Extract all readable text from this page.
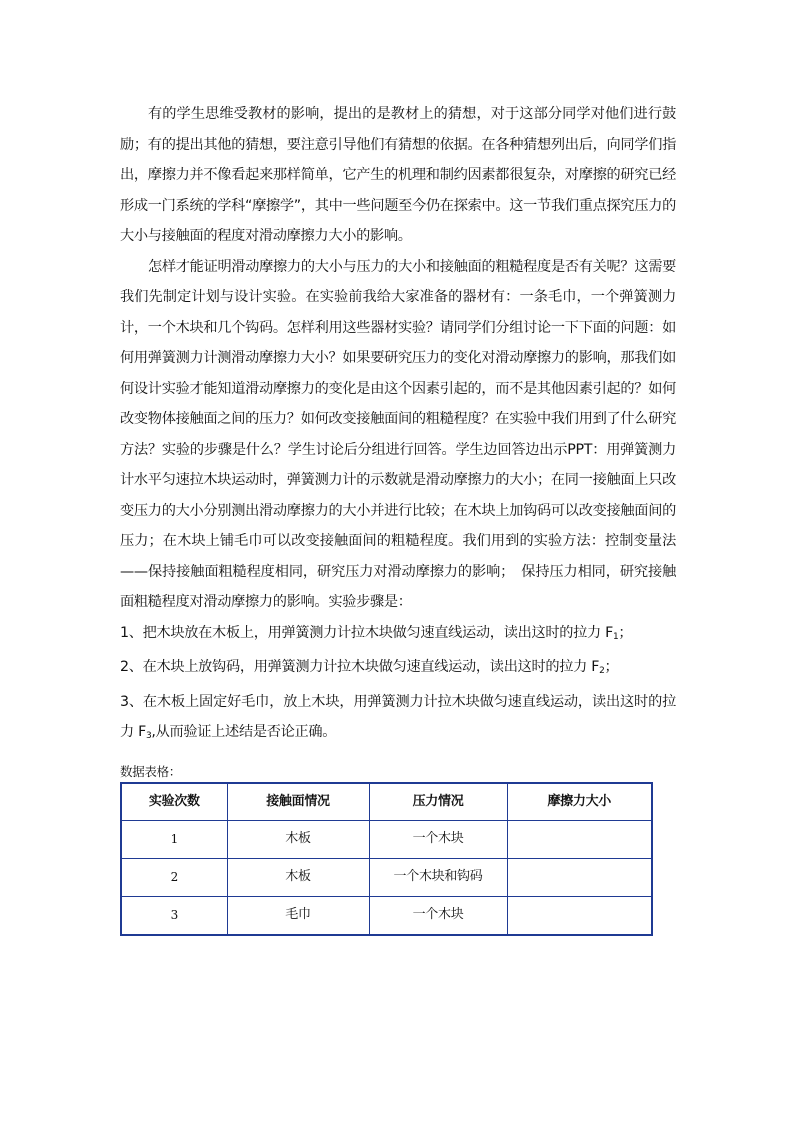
有的学生思维受教材的影响，提出的是教材上的猜想，对于这部分同学对他们进行鼓励；有的提出其他的猜想，要注意引导他们有猜想的依据。在各种猜想列出后，向同学们指出，摩擦力并不像看起来那样简单，它产生的机理和制约因素都很复杂，对摩擦的研究已经形成一门系统的学科“摩擦学”，其中一些问题至今仍在探索中。这一节我们重点探究压力的大小与接触面的程度对滑动摩擦力大小的影响。

怎样才能证明滑动摩擦力的大小与压力的大小和接触面的粗糙程度是否有关呢？这需要我们先制定计划与设计实验。在实验前我给大家准备的器材有：一条毛巾，一个弹簧测力计，一个木块和几个钩码。怎样利用这些器材实验？请同学们分组讨论一下下面的问题：如何用弹簧测力计测滑动摩擦力大小？如果要研究压力的变化对滑动摩擦力的影响，那我们如何设计实验才能知道滑动摩擦力的变化是由这个因素引起的，而不是其他因素引起的？如何改变物体接触面之间的压力？如何改变接触面间的粗糙程度？在实验中我们用到了什么研究方法？实验的步骤是什么？学生讨论后分组进行回答。学生边回答边出示PPT：用弹簧测力计水平匀速拉木块运动时，弹簧测力计的示数就是滑动摩擦力的大小；在同一接触面上只改变压力的大小分别测出滑动摩擦力的大小并进行比较；在木块上加钩码可以改变接触面间的压力；在木块上铺毛巾可以改变接触面间的粗糙程度。我们用到的实验方法：控制变量法——保持接触面粗糙程度相同，研究压力对滑动摩擦力的影响；　保持压力相同，研究接触面粗糙程度对滑动摩擦力的影响。实验步骤是：

1、把木块放在木板上，用弹簧测力计拉木块做匀速直线运动，读出这时的拉力 $F_1$；

2、在木块上放钩码，用弹簧测力计拉木块做匀速直线运动，读出这时的拉力 $F_2$；

3、在木板上固定好毛巾，放上木块，用弹簧测力计拉木块做匀速直线运动，读出这时的拉力 $F_3$,从而验证上述结是否论正确。

数据表格：

实验次数	接触面情况	压力情况	摩擦力大小
1	木板	一个木块	
2	木板	一个木块和钩码	
3	毛巾	一个木块	
